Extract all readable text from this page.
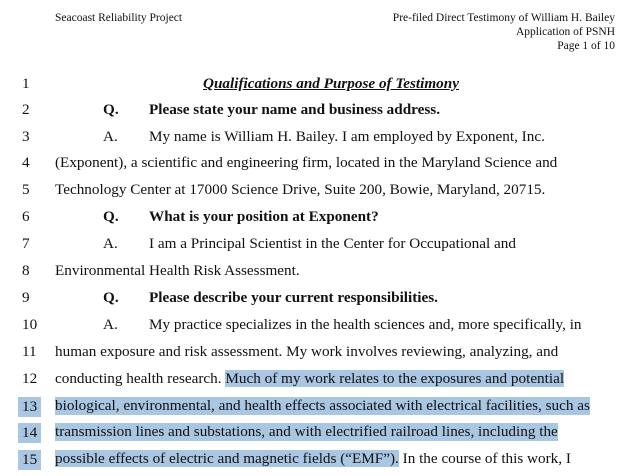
Seacoast Reliability Project	Pre-filed Direct Testimony of William H. Bailey
Application of PSNH
Page 1 of 10
1	Qualifications and Purpose of Testimony
2	Q. Please state your name and business address.
3	A. My name is William H. Bailey. I am employed by Exponent, Inc.
4 (Exponent), a scientific and engineering firm, located in the Maryland Science and
5 Technology Center at 17000 Science Drive, Suite 200, Bowie, Maryland, 20715.
6	Q. What is your position at Exponent?
7	A. I am a Principal Scientist in the Center for Occupational and
8 Environmental Health Risk Assessment.
9	Q. Please describe your current responsibilities.
10	A. My practice specializes in the health sciences and, more specifically, in
11 human exposure and risk assessment. My work involves reviewing, analyzing, and
12 conducting health research. Much of my work relates to the exposures and potential
13 biological, environmental, and health effects associated with electrical facilities, such as
14 transmission lines and substations, and with electrified railroad lines, including the
15 possible effects of electric and magnetic fields (“EMF”). In the course of this work, I
